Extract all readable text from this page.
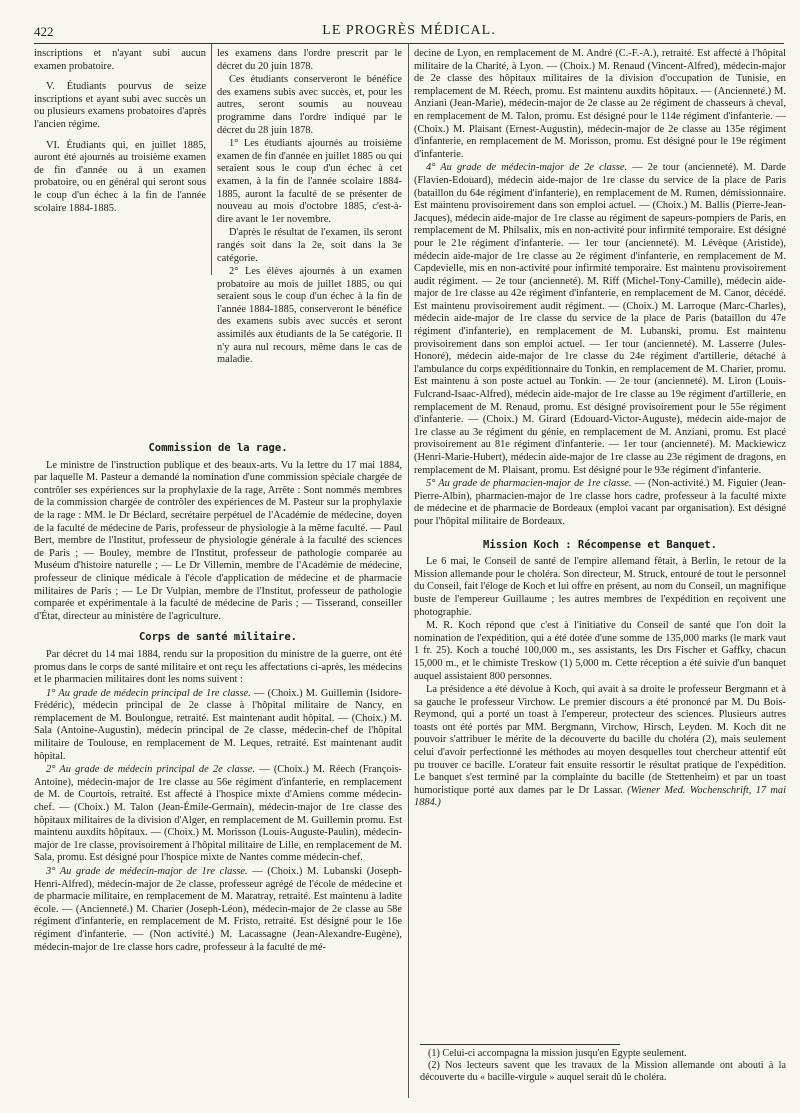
422	LE PROGRÈS MÉDICAL.

inscriptions et n'ayant subi aucun examen probatoire.

V. Étudiants pourvus de seize inscriptions et ayant subi avec succès un ou plusieurs examens probatoires d'après l'ancien régime.

VI. Étudiants qui, en juillet 1885, auront été ajournés au troisième examen de fin d'année ou à un examen probatoire, ou en général qui seront sous le coup d'un échec à la fin de l'année scolaire 1884-1885.

les examens dans l'ordre prescrit par le décret du 20 juin 1878.

Ces étudiants conserveront le bénéfice des examens subis avec succès, et, pour les autres, seront soumis au nouveau programme dans l'ordre indiqué par le décret du 28 juin 1878.

1° Les étudiants ajournés au troisième examen de fin d'année en juillet 1885 ou qui seraient sous le coup d'un échec à cet examen, à la fin de l'année scolaire 1884-1885, auront la faculté de se présenter de nouveau au mois d'octobre 1885, c'est-à-dire avant le 1er novembre.

D'après le résultat de l'examen, ils seront rangés soit dans la 2e, soit dans la 3e catégorie.

2° Les élèves ajournés à un examen probatoire au mois de juillet 1885, ou qui seraient sous le coup d'un échec à la fin de l'année 1884-1885, conserveront le bénéfice des examens subis avec succès et seront assimilés aux étudiants de la 5e catégorie. Il n'y aura nul recours, même dans le cas de maladie.

Commission de la rage.

Le ministre de l'instruction publique et des beaux-arts. Vu la lettre du 17 mai 1884, par laquelle M. Pasteur a demandé la nomination d'une commission spéciale chargée de contrôler ses expériences sur la prophylaxie de la rage, Arrête : Sont nommés membres de la commission chargée de contrôler des expériences de M. Pasteur sur la prophylaxie de la rage : MM. le Dr Béclard, secrétaire perpétuel de l'Académie de médecine, doyen de la faculté de médecine de Paris, professeur de physiologie à la même faculté. — Paul Bert, membre de l'Institut, professeur de physiologie générale à la faculté des sciences de Paris ; — Bouley, membre de l'Institut, professeur de pathologie comparée au Muséum d'histoire naturelle ; — Le Dr Villemin, membre de l'Académie de médecine, professeur de clinique médicale à l'école d'application de médecine et de pharmacie militaires de Paris ; — Le Dr Vulpian, membre de l'Institut, professeur de pathologie comparée et expérimentale à la faculté de médecine de Paris ; — Tisserand, conseiller d'État, directeur au ministère de l'agriculture.

Corps de santé militaire.

Par décret du 14 mai 1884, rendu sur la proposition du ministre de la guerre, ont été promus dans le corps de santé militaire et ont reçu les affectations ci-après, les médecins et le pharmacien militaires dont les noms suivent :

1° Au grade de médecin principal de 1re classe. — (Choix.) M. Guillemin (Isidore-Frédéric), médecin principal de 2e classe à l'hôpital militaire de Nancy, en remplacement de M. Boulongue, retraité. Est maintenant audit hôpital. — (Choix.) M. Sala (Antoine-Augustin), médecin principal de 2e classe, médecin-chef de l'hôpital militaire de Toulouse, en remplacement de M. Leques, retraité. Est maintenant audit hôpital.

2° Au grade de médecin principal de 2e classe. — (Choix.) M. Réech (François-Antoine), médecin-major de 1re classe au 56e régiment d'infanterie, en remplacement de M. de Courtois, retraité. Est affecté à l'hospice mixte d'Amiens comme médecin-chef. — (Choix.) M. Talon (Jean-Émile-Germain), médecin-major de 1re classe des hôpitaux militaires de la division d'Alger, en remplacement de M. Guillemin promu. Est maintenu auxdits hôpitaux. — (Choix.) M. Morisson (Louis-Auguste-Paulin), médecin-major de 1re classe, provisoirement à l'hôpital militaire de Lille, en remplacement de M. Sala, promu. Est désigné pour l'hospice mixte de Nantes comme médecin-chef.

3° Au grade de médecin-major de 1re classe. — (Choix.) M. Lubanski (Joseph-Henri-Alfred), médecin-major de 2e classe, professeur agrégé de l'école de médecine et de pharmacie militaire, en remplacement de M. Maratray, retraité. Est maintenu à ladite école. — (Ancienneté.) M. Charier (Joseph-Léon), médecin-major de 2e classe au 58e régiment d'infanterie, en remplacement de M. Fristo, retraité. Est désigné pour le 16e régiment d'infanterie. — (Non activité.) M. Lacassagne (Jean-Alexandre-Eugène), médecin-major de 1re classe hors cadre, professeur à la faculté de mé-

decine de Lyon, en remplacement de M. André (C.-F.-A.), retraité. Est affecté à l'hôpital militaire de la Charité, à Lyon. — (Choix.) M. Renaud (Vincent-Alfred), médecin-major de 2e classe des hôpitaux militaires de la division d'occupation de Tunisie, en remplacement de M. Réech, promu. Est maintenu auxdits hôpitaux. — (Ancienneté.) M. Anziani (Jean-Marie), médecin-major de 2e classe au 2e régiment de chasseurs à cheval, en remplacement de M. Talon, promu. Est désigné pour le 114e régiment d'infanterie. — (Choix.) M. Plaisant (Ernest-Augustin), médecin-major de 2e classe au 135e régiment d'infanterie, en remplacement de M. Morisson, promu. Est désigné pour le 19e régiment d'infanterie.

4° Au grade de médecin-major de 2e classe. — 2e tour (ancienneté). M. Darde (Flavien-Edouard), médecin aide-major de 1re classe du service de la place de Paris (bataillon du 64e régiment d'infanterie), en remplacement de M. Rumen, démissionnaire. Est maintenu provisoirement dans son emploi actuel. — (Choix.) M. Ballis (Pierre-Jean-Jacques), médecin aide-major de 1re classe au régiment de sapeurs-pompiers de Paris, en remplacement de M. Philsalix, mis en non-activité pour infirmité temporaire. Est désigné pour le 21e régiment d'infanterie. — 1er tour (ancienneté). M. Lévèque (Aristide), médecin aide-major de 1re classe au 2e régiment d'infanterie, en remplacement de M. Capdevielle, mis en non-activité pour infirmité temporaire. Est maintenu provisoirement audit régiment. — 2e tour (ancienneté). M. Riff (Michel-Tony-Camille), médecin aide-major de 1re classe au 42e régiment d'infanterie, en remplacement de M. Canor, décédé. Est maintenu provisoirement audit régiment. — (Choix.) M. Larroque (Marc-Charles), médecin aide-major de 1re classe du service de la place de Paris (bataillon du 47e régiment d'infanterie), en remplacement de M. Lubanski, promu. Est maintenu provisoirement dans son emploi actuel. — 1er tour (ancienneté). M. Lasserre (Jules-Honoré), médecin aide-major de 1re classe du 24e régiment d'artillerie, détaché à l'ambulance du corps expéditionnaire du Tonkin, en remplacement de M. Charier, promu. Est maintenu à son poste actuel au Tonkin. — 2e tour (ancienneté). M. Liron (Louis-Fulcrand-Isaac-Alfred), médecin aide-major de 1re classe au 19e régiment d'artillerie, en remplacement de M. Renaud, promu. Est désigné provisoirement pour le 55e régiment d'infanterie. — (Choix.) M. Girard (Edouard-Victor-Auguste), médecin aide-major de 1re classe au 3e régiment du génie, en remplacement de M. Anziani, promu. Est placé provisoirement au 81e régiment d'infanterie. — 1er tour (ancienneté). M. Mackiewicz (Henri-Marie-Hubert), médecin aide-major de 1re classe au 23e régiment de dragons, en remplacement de M. Plaisant, promu. Est désigné pour le 93e régiment d'infanterie.

5° Au grade de pharmacien-major de 1re classe. — (Non-activité.) M. Figuier (Jean-Pierre-Albin), pharmacien-major de 1re classe hors cadre, professeur à la faculté mixte de médecine et de pharmacie de Bordeaux (emploi vacant par organisation). Est désigné pour l'hôpital militaire de Bordeaux.

Mission Koch : Récompense et Banquet.

Le 6 mai, le Conseil de santé de l'empire allemand fêtait, à Berlin, le retour de la Mission allemande pour le choléra. Son directeur, M. Struck, entouré de tout le personnel du Conseil, fait l'éloge de Koch et lui offre en présent, au nom du Conseil, un magnifique buste de l'empereur Guillaume ; les autres membres de l'expédition en reçoivent une photographie.

M. R. Koch répond que c'est à l'initiative du Conseil de santé que l'on doit la nomination de l'expédition, qui a été dotée d'une somme de 135,000 marks (le mark vaut 1 fr. 25). Koch a touché 100,000 m., ses assistants, les Drs Fischer et Gaffky, chacun 15,000 m., et le chimiste Treskow (1) 5,000 m. Cette réception a été suivie d'un banquet auquel assistaient 800 personnes.

La présidence a été dévolue à Koch, qui avait à sa droite le professeur Bergmann et à sa gauche le professeur Virchow. Le premier discours a été prononcé par M. Du Bois-Reymond, qui a porté un toast à l'empereur, protecteur des sciences. Plusieurs autres toasts ont été portés par MM. Bergmann, Virchow, Hirsch, Leyden. M. Koch dit ne pouvoir s'attribuer le mérite de la découverte du bacille du choléra (2), mais seulement celui d'avoir perfectionné les méthodes au moyen desquelles tout chercheur attentif eût pu trouver ce bacille. L'orateur fait ensuite ressortir le résultat pratique de l'expédition. Le banquet s'est terminé par la complainte du bacille (de Stettenheim) et par un toast humoristique porté aux dames par le Dr Lassar. (Wiener Med. Wochenschrift, 17 mai 1884.)

(1) Celui-ci accompagna la mission jusqu'en Egypte seulement.

(2) Nos lecteurs savent que les travaux de la Mission allemande ont abouti à la découverte du « bacille-virgule » auquel serait dû le choléra.
